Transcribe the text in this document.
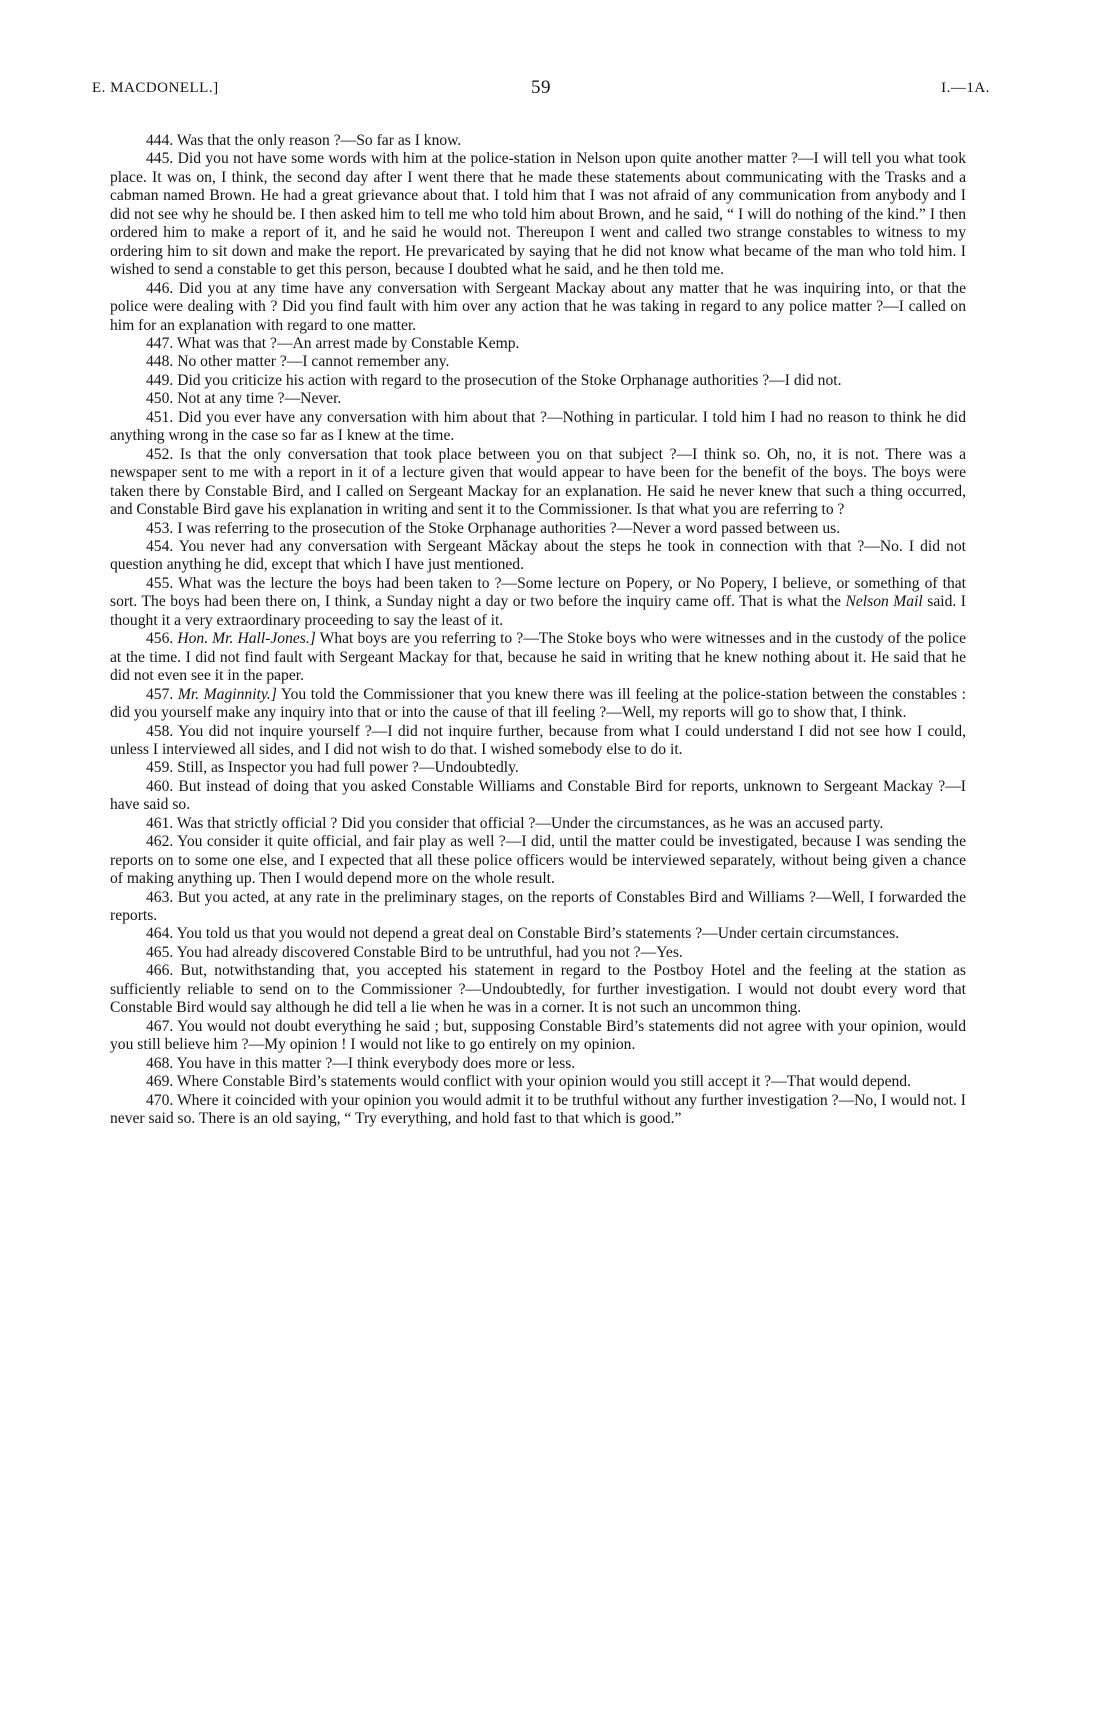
E. MACDONELL.]	59	I.—1A.

444. Was that the only reason ?—So far as I know.

445. Did you not have some words with him at the police-station in Nelson upon quite another matter ?—I will tell you what took place. It was on, I think, the second day after I went there that he made these statements about communicating with the Trasks and a cabman named Brown. He had a great grievance about that. I told him that I was not afraid of any communication from anybody and I did not see why he should be. I then asked him to tell me who told him about Brown, and he said, “ I will do nothing of the kind.” I then ordered him to make a report of it, and he said he would not. Thereupon I went and called two strange constables to witness to my ordering him to sit down and make the report. He prevaricated by saying that he did not know what became of the man who told him. I wished to send a constable to get this person, because I doubted what he said, and he then told me.

446. Did you at any time have any conversation with Sergeant Mackay about any matter that he was inquiring into, or that the police were dealing with ? Did you find fault with him over any action that he was taking in regard to any police matter ?—I called on him for an explanation with regard to one matter.

447. What was that ?—An arrest made by Constable Kemp.

448. No other matter ?—I cannot remember any.

449. Did you criticize his action with regard to the prosecution of the Stoke Orphanage authorities ?—I did not.

450. Not at any time ?—Never.

451. Did you ever have any conversation with him about that ?—Nothing in particular. I told him I had no reason to think he did anything wrong in the case so far as I knew at the time.

452. Is that the only conversation that took place between you on that subject ?—I think so. Oh, no, it is not. There was a newspaper sent to me with a report in it of a lecture given that would appear to have been for the benefit of the boys. The boys were taken there by Constable Bird, and I called on Sergeant Mackay for an explanation. He said he never knew that such a thing occurred, and Constable Bird gave his explanation in writing and sent it to the Commissioner. Is that what you are referring to ?

453. I was referring to the prosecution of the Stoke Orphanage authorities ?—Never a word passed between us.

454. You never had any conversation with Sergeant Măckay about the steps he took in connection with that ?—No. I did not question anything he did, except that which I have just mentioned.

455. What was the lecture the boys had been taken to ?—Some lecture on Popery, or No Popery, I believe, or something of that sort. The boys had been there on, I think, a Sunday night a day or two before the inquiry came off. That is what the Nelson Mail said. I thought it a very extraordinary proceeding to say the least of it.

456. Hon. Mr. Hall-Jones.] What boys are you referring to ?—The Stoke boys who were witnesses and in the custody of the police at the time. I did not find fault with Sergeant Mackay for that, because he said in writing that he knew nothing about it. He said that he did not even see it in the paper.

457. Mr. Maginnity.] You told the Commissioner that you knew there was ill feeling at the police-station between the constables : did you yourself make any inquiry into that or into the cause of that ill feeling ?—Well, my reports will go to show that, I think.

458. You did not inquire yourself ?—I did not inquire further, because from what I could understand I did not see how I could, unless I interviewed all sides, and I did not wish to do that. I wished somebody else to do it.

459. Still, as Inspector you had full power ?—Undoubtedly.

460. But instead of doing that you asked Constable Williams and Constable Bird for reports, unknown to Sergeant Mackay ?—I have said so.

461. Was that strictly official ? Did you consider that official ?—Under the circumstances, as he was an accused party.

462. You consider it quite official, and fair play as well ?—I did, until the matter could be investigated, because I was sending the reports on to some one else, and I expected that all these police officers would be interviewed separately, without being given a chance of making anything up. Then I would depend more on the whole result.

463. But you acted, at any rate in the preliminary stages, on the reports of Constables Bird and Williams ?—Well, I forwarded the reports.

464. You told us that you would not depend a great deal on Constable Bird’s statements ?—Under certain circumstances.

465. You had already discovered Constable Bird to be untruthful, had you not ?—Yes.

466. But, notwithstanding that, you accepted his statement in regard to the Postboy Hotel and the feeling at the station as sufficiently reliable to send on to the Commissioner ?—Undoubtedly, for further investigation. I would not doubt every word that Constable Bird would say although he did tell a lie when he was in a corner. It is not such an uncommon thing.

467. You would not doubt everything he said ; but, supposing Constable Bird’s statements did not agree with your opinion, would you still believe him ?—My opinion ! I would not like to go entirely on my opinion.

468. You have in this matter ?—I think everybody does more or less.

469. Where Constable Bird’s statements would conflict with your opinion would you still accept it ?—That would depend.

470. Where it coincided with your opinion you would admit it to be truthful without any further investigation ?—No, I would not. I never said so. There is an old saying, “ Try everything, and hold fast to that which is good.”
